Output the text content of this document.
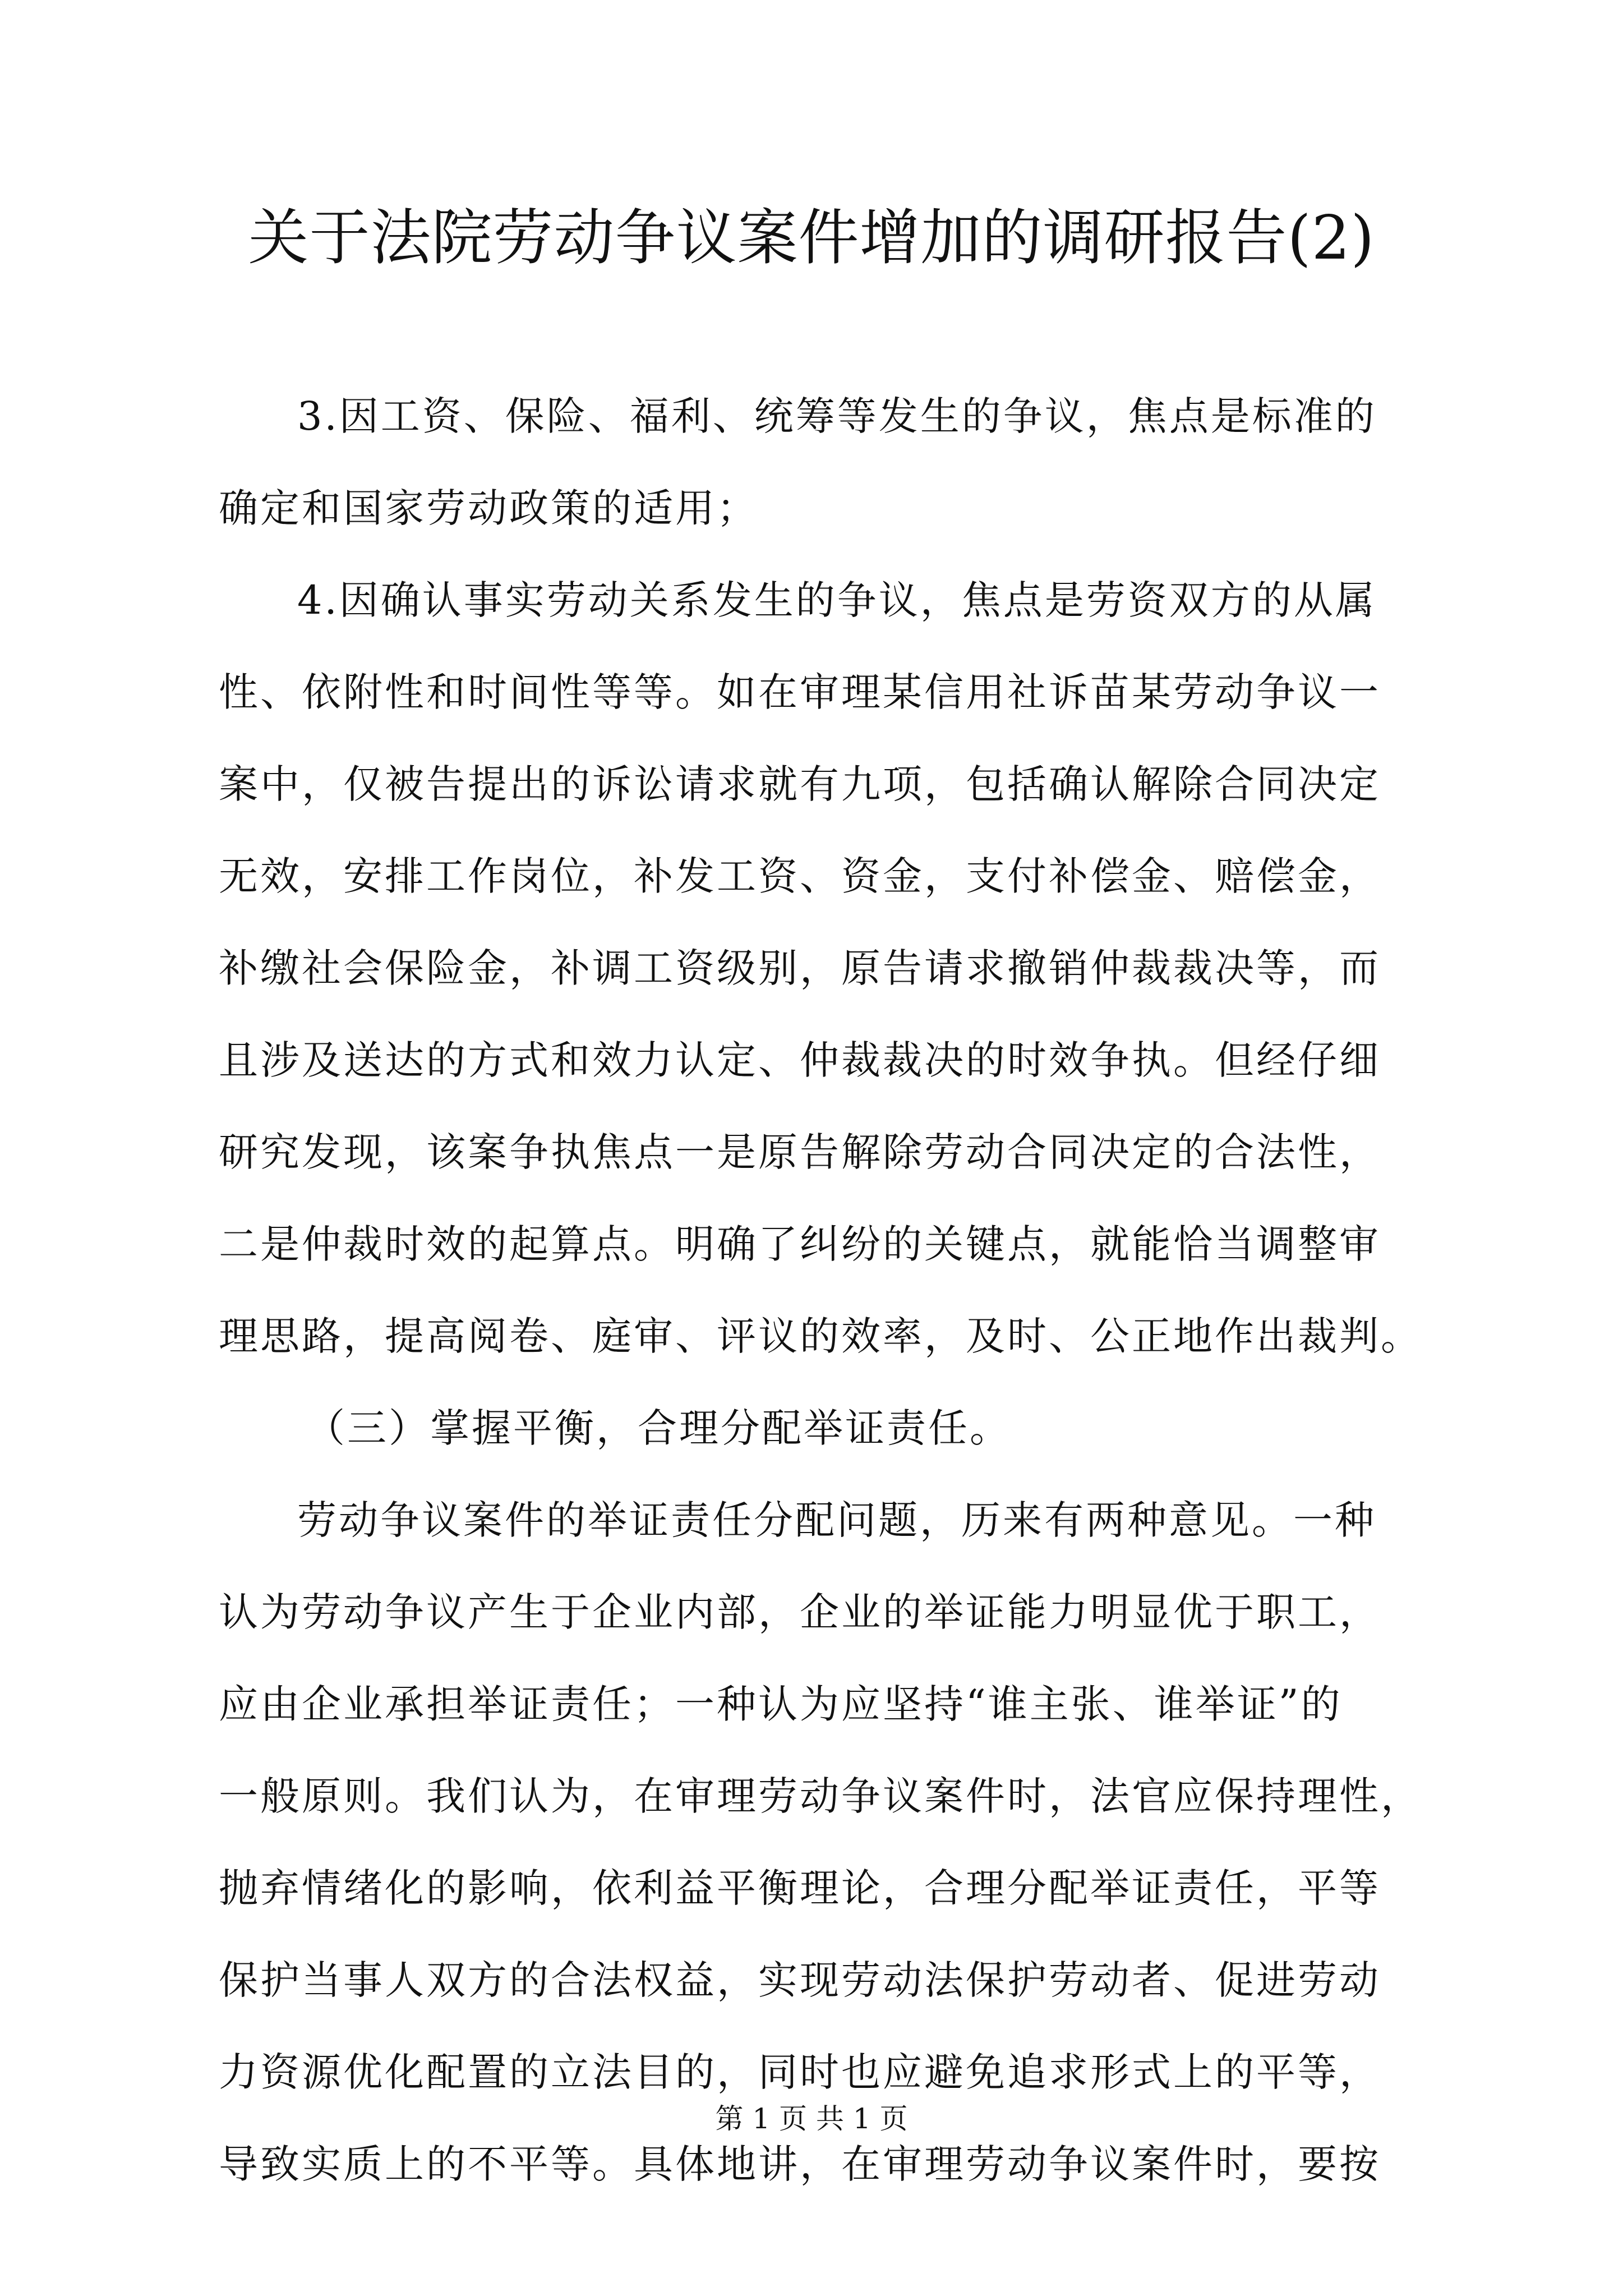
关于法院劳动争议案件增加的调研报告(2)
3.因工资、保险、福利、统筹等发生的争议，焦点是标准的
确定和国家劳动政策的适用；
4.因确认事实劳动关系发生的争议，焦点是劳资双方的从属
性、依附性和时间性等等。如在审理某信用社诉苗某劳动争议一
案中，仅被告提出的诉讼请求就有九项，包括确认解除合同决定
无效，安排工作岗位，补发工资、资金，支付补偿金、赔偿金，
补缴社会保险金，补调工资级别，原告请求撤销仲裁裁决等，而
且涉及送达的方式和效力认定、仲裁裁决的时效争执。但经仔细
研究发现，该案争执焦点一是原告解除劳动合同决定的合法性，
二是仲裁时效的起算点。明确了纠纷的关键点，就能恰当调整审
理思路，提高阅卷、庭审、评议的效率，及时、公正地作出裁判。
（三）掌握平衡，合理分配举证责任。
劳动争议案件的举证责任分配问题，历来有两种意见。一种
认为劳动争议产生于企业内部，企业的举证能力明显优于职工，
应由企业承担举证责任；一种认为应坚持“谁主张、谁举证”的
一般原则。我们认为，在审理劳动争议案件时，法官应保持理性，
抛弃情绪化的影响，依利益平衡理论，合理分配举证责任，平等
保护当事人双方的合法权益，实现劳动法保护劳动者、促进劳动
力资源优化配置的立法目的，同时也应避免追求形式上的平等，
导致实质上的不平等。具体地讲，在审理劳动争议案件时，要按
第 1 页 共 1 页
